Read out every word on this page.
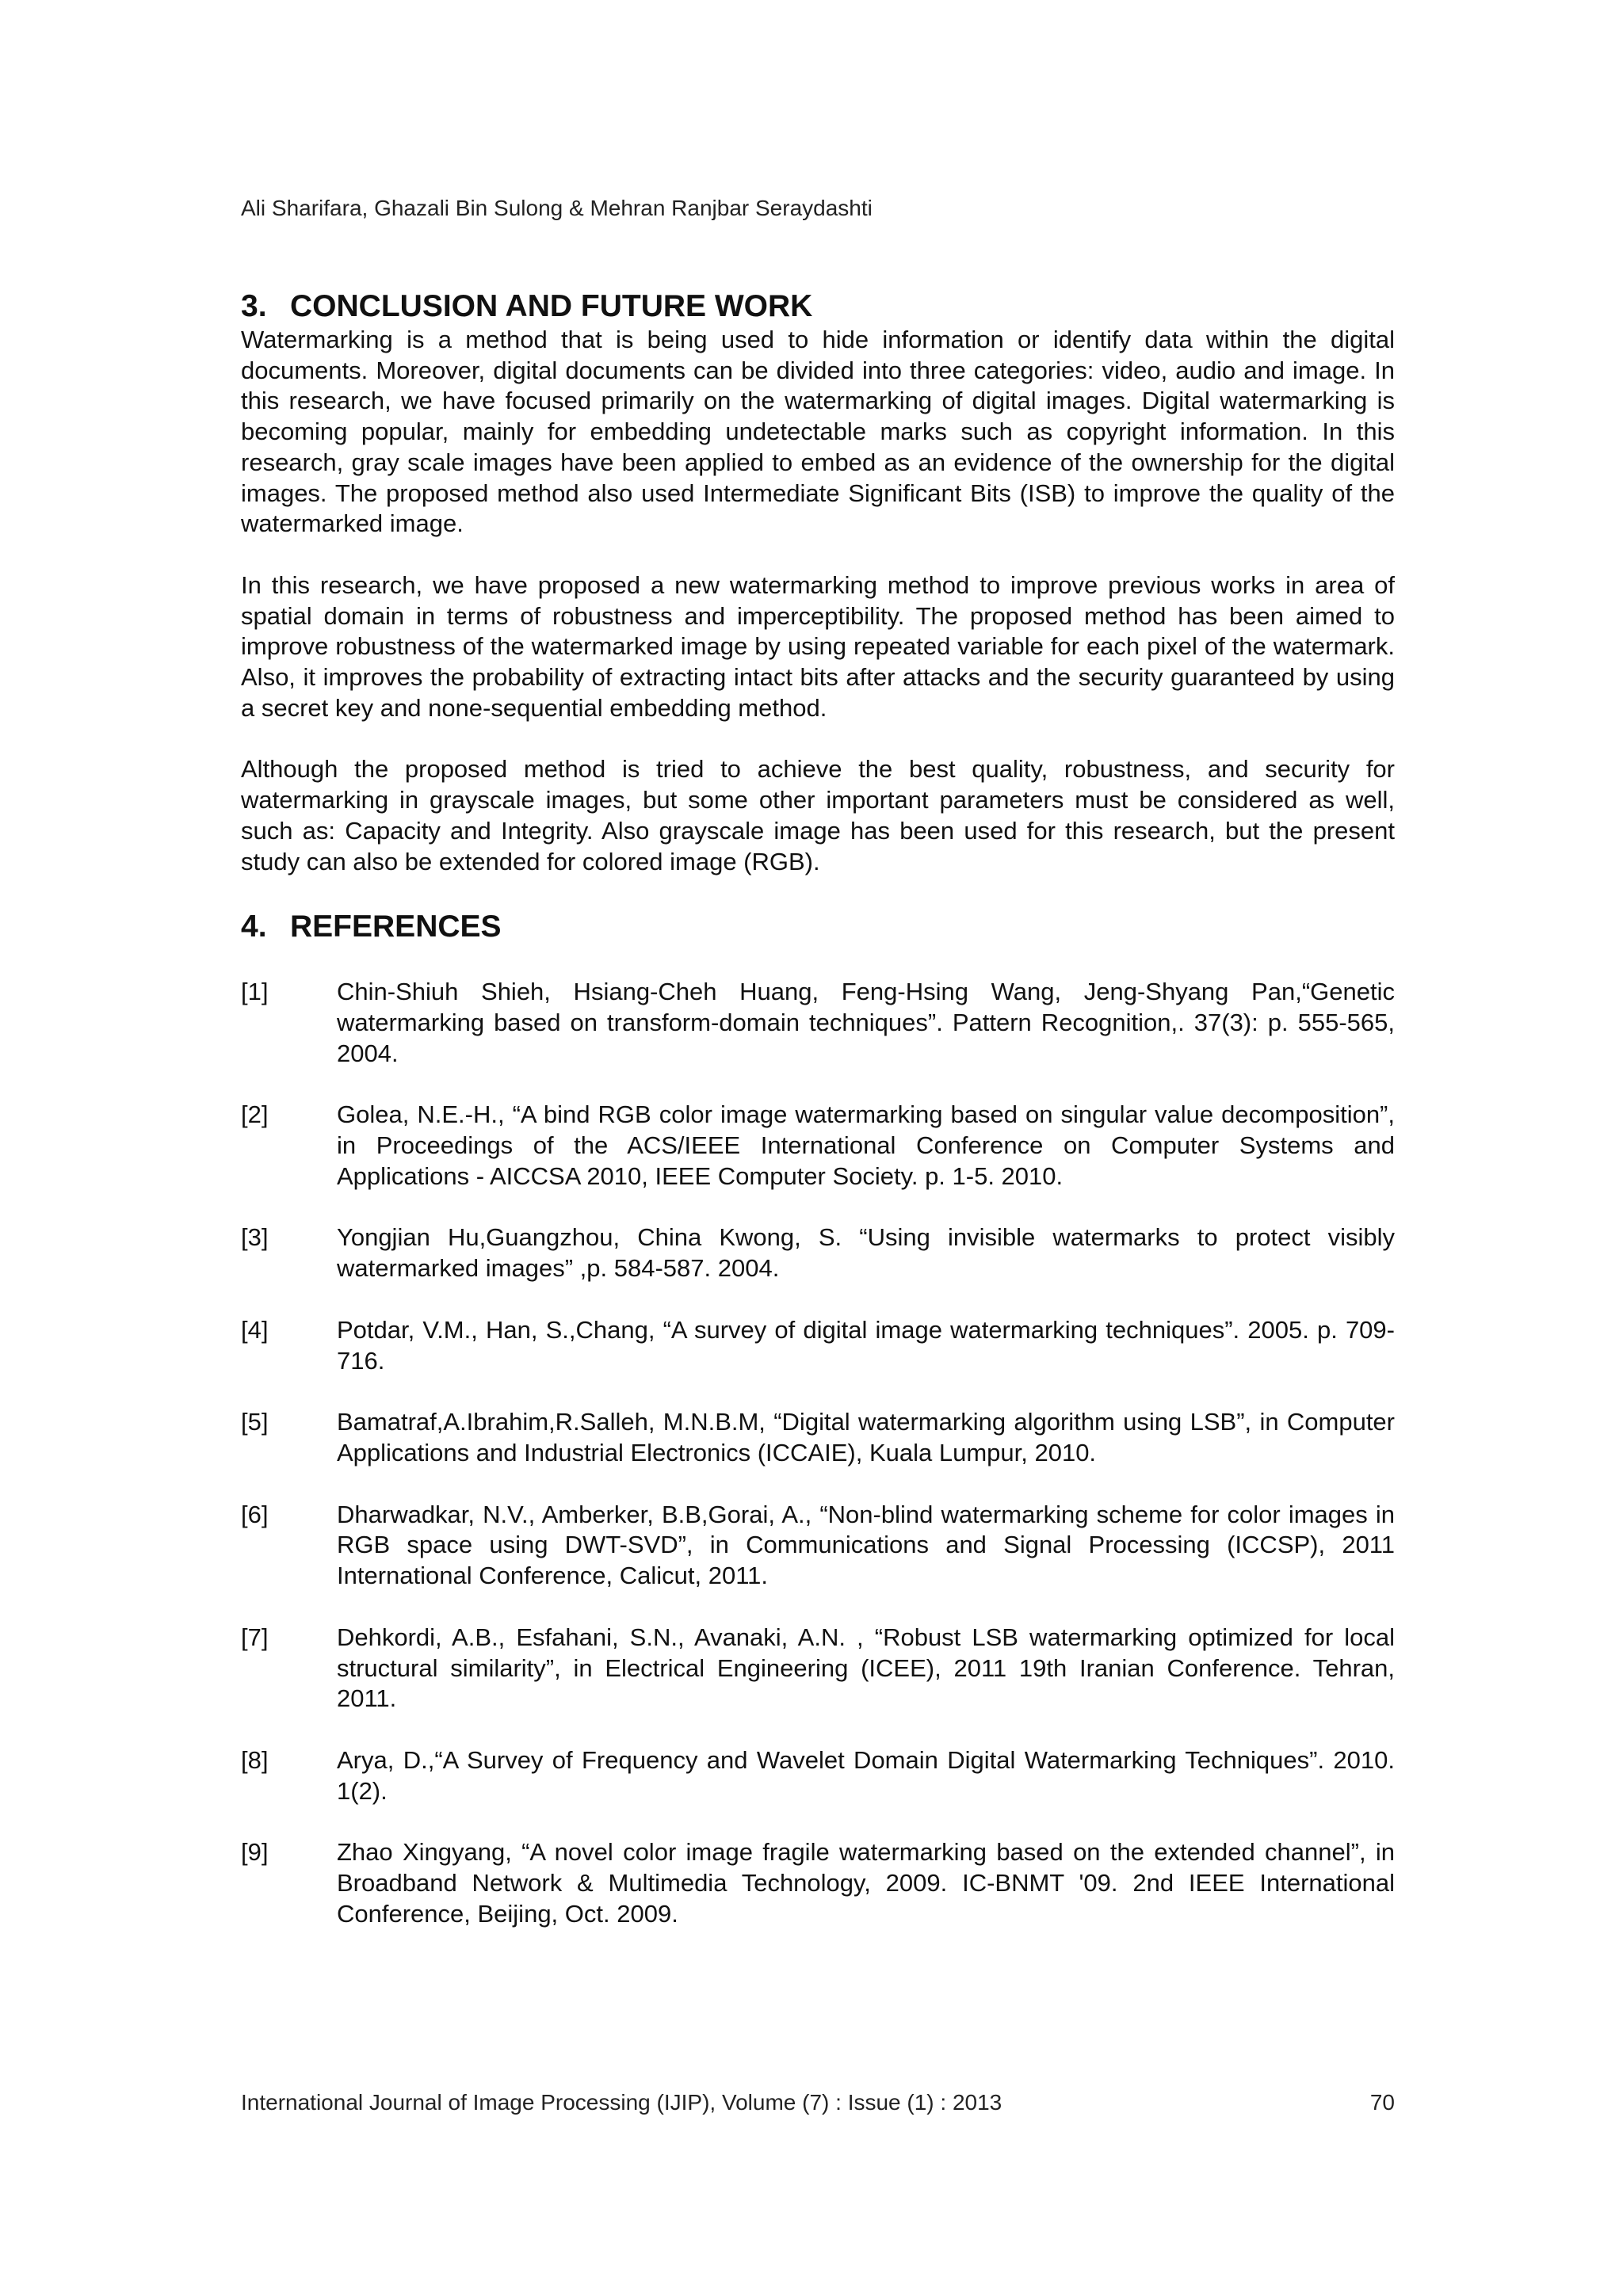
Ali Sharifara, Ghazali Bin Sulong & Mehran Ranjbar Seraydashti
3. CONCLUSION AND FUTURE WORK

Watermarking is a method that is being used to hide information or identify data within the digital documents. Moreover, digital documents can be divided into three categories: video, audio and image. In this research, we have focused primarily on the watermarking of digital images. Digital watermarking is becoming popular, mainly for embedding undetectable marks such as copyright information. In this research, gray scale images have been applied to embed as an evidence of the ownership for the digital images. The proposed method also used Intermediate Significant Bits (ISB) to improve the quality of the watermarked image.

In this research, we have proposed a new watermarking method to improve previous works in area of spatial domain in terms of robustness and imperceptibility. The proposed method has been aimed to improve robustness of the watermarked image by using repeated variable for each pixel of the watermark. Also, it improves the probability of extracting intact bits after attacks and the security guaranteed by using a secret key and none-sequential embedding method.

Although the proposed method is tried to achieve the best quality, robustness, and security for watermarking in grayscale images, but some other important parameters must be considered as well, such as: Capacity and Integrity. Also grayscale image has been used for this research, but the present study can also be extended for colored image (RGB).

4. REFERENCES
[1]	Chin-Shiuh Shieh, Hsiang-Cheh Huang, Feng-Hsing Wang, Jeng-Shyang Pan,“Genetic watermarking based on transform-domain techniques”. Pattern Recognition,. 37(3): p. 555-565, 2004.
[2]	Golea, N.E.-H., “A bind RGB color image watermarking based on singular value decomposition”, in Proceedings of the ACS/IEEE International Conference on Computer Systems and Applications - AICCSA 2010, IEEE Computer Society. p. 1-5. 2010.
[3]	Yongjian Hu,Guangzhou, China Kwong, S. “Using invisible watermarks to protect visibly watermarked images” ,p. 584-587. 2004.
[4]	Potdar, V.M., Han, S.,Chang, “A survey of digital image watermarking techniques”. 2005. p. 709- 716.
[5]	Bamatraf,A.Ibrahim,R.Salleh, M.N.B.M, “Digital watermarking algorithm using LSB”, in Computer Applications and Industrial Electronics (ICCAIE), Kuala Lumpur, 2010.
[6]	Dharwadkar, N.V., Amberker, B.B,Gorai, A., “Non-blind watermarking scheme for color images in RGB space using DWT-SVD”, in Communications and Signal Processing (ICCSP), 2011 International Conference, Calicut, 2011.
[7]	Dehkordi, A.B., Esfahani, S.N., Avanaki, A.N. , “Robust LSB watermarking optimized for local structural similarity”, in Electrical Engineering (ICEE), 2011 19th Iranian Conference. Tehran, 2011.
[8]	Arya, D.,“A Survey of Frequency and Wavelet Domain Digital Watermarking Techniques”. 2010. 1(2).
[9]	Zhao Xingyang, “A novel color image fragile watermarking based on the extended channel”, in Broadband Network & Multimedia Technology, 2009. IC-BNMT '09. 2nd IEEE International Conference, Beijing, Oct. 2009.
International Journal of Image Processing (IJIP), Volume (7) : Issue (1) : 2013	70
